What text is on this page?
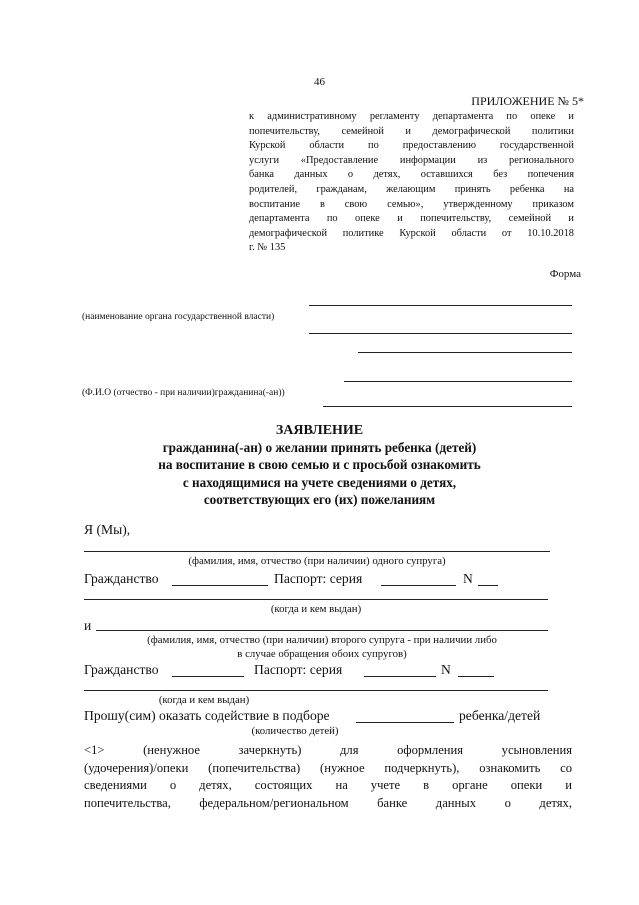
46
ПРИЛОЖЕНИЕ № 5*
к административному регламенту департамента по опеке и
попечительству, семейной и демографической политики
Курской области по предоставлению государственной
услуги «Предоставление информации из регионального
банка данных о детях, оставшихся без попечения
родителей, гражданам, желающим принять ребенка на
воспитание в свою семью», утвержденному приказом
департамента по опеке и попечительству, семейной и
демографической политике Курской области от 10.10.2018
г. № 135
Форма
(наименование органа государственной власти)
(Ф.И.О (отчество - при наличии)гражданина(-ан))
ЗАЯВЛЕНИЕ
гражданина(-ан) о желании принять ребенка (детей)
на воспитание в свою семью и с просьбой ознакомить
с находящимися на учете сведениями о детях,
соответствующих его (их) пожеланиям
Я (Мы),
(фамилия, имя, отчество (при наличии) одного супруга)
Гражданство	Паспорт: серия	N
(когда и кем выдан)
и
(фамилия, имя, отчество (при наличии) второго супруга - при наличии либо
в случае обращения обоих супругов)
Гражданство	Паспорт: серия	N
(когда и кем выдан)
Прошу(сим) оказать содействие в подборе	ребенка/детей
(количество детей)
<1> (ненужное зачеркнуть) для оформления усыновления
(удочерения)/опеки (попечительства) (нужное подчеркнуть), ознакомить со
сведениями о детях, состоящих на учете в органе опеки и
попечительства, федеральном/региональном банке данных о детях,
